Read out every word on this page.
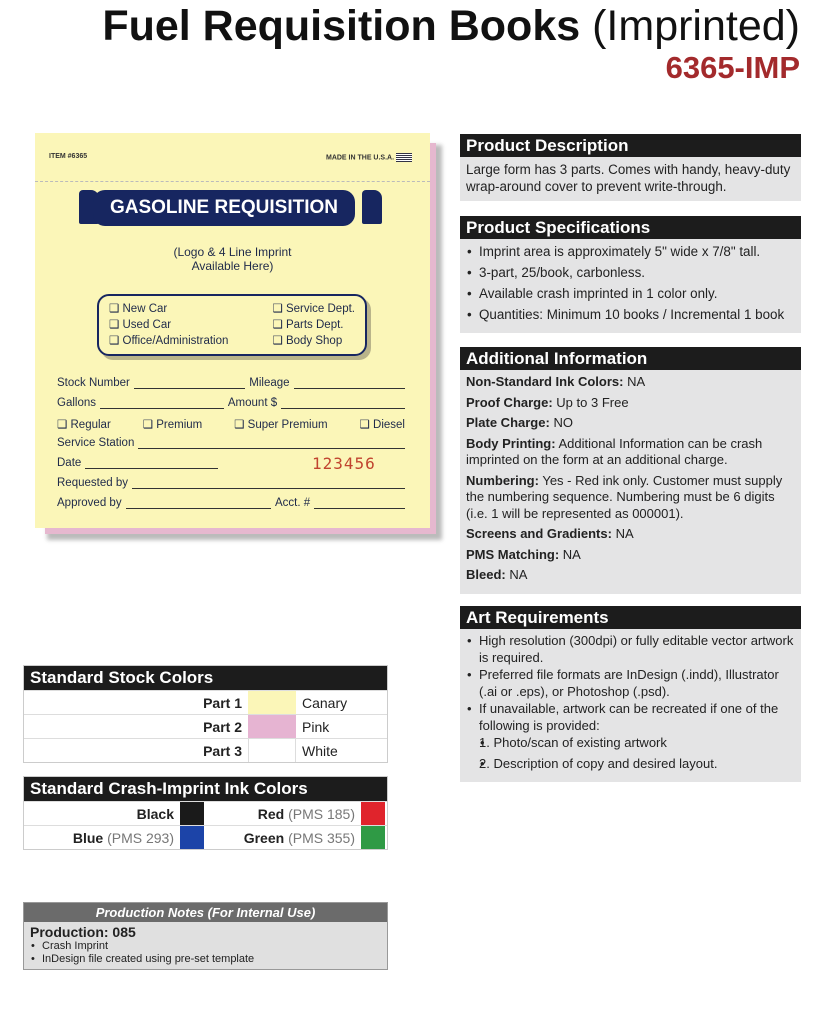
Fuel Requisition Books (Imprinted)
6365-IMP
ITEM #6365	MADE IN THE U.S.A.
GASOLINE REQUISITION
(Logo & 4 Line Imprint
Available Here)
❑ New Car	❑ Service Dept.
❑ Used Car	❑ Parts Dept.
❑ Office/Administration	❑ Body Shop
Stock Number	Mileage
Gallons	Amount $
❑ Regular	❑ Premium	❑ Super Premium	❑ Diesel
Service Station
Date	123456
Requested by
Approved by	Acct. #
Product Description
Large form has 3 parts. Comes with handy, heavy-duty wrap-around cover to prevent write-through.
Product Specifications
• Imprint area is approximately 5" wide x 7/8" tall.
• 3-part, 25/book, carbonless.
• Available crash imprinted in 1 color only.
• Quantities: Minimum 10 books / Incremental 1 book
Additional Information

Non-Standard Ink Colors: NA

Proof Charge: Up to 3 Free

Plate Charge: NO

Body Printing: Additional Information can be crash imprinted on the form at an additional charge.

Numbering: Yes - Red ink only. Customer must supply the numbering sequence. Numbering must be 6 digits (i.e. 1 will be represented as 000001).

Screens and Gradients: NA

PMS Matching: NA

Bleed: NA

Art Requirements
• High resolution (300dpi) or fully editable vector artwork is required.
• Preferred file formats are InDesign (.indd), Illustrator (.ai or .eps), or Photoshop (.psd).
• If unavailable, artwork can be recreated if one of the following is provided:
• 1. Photo/scan of existing artwork
• 2. Description of copy and desired layout.
Standard Stock Colors
Part 1	Canary
Part 2	Pink
Part 3	White
Standard Crash-Imprint Ink Colors
Black	Red (PMS 185)
Blue (PMS 293)	Green (PMS 355)
Production Notes (For Internal Use)
Production: 085
• Crash Imprint
• InDesign file created using pre-set template
